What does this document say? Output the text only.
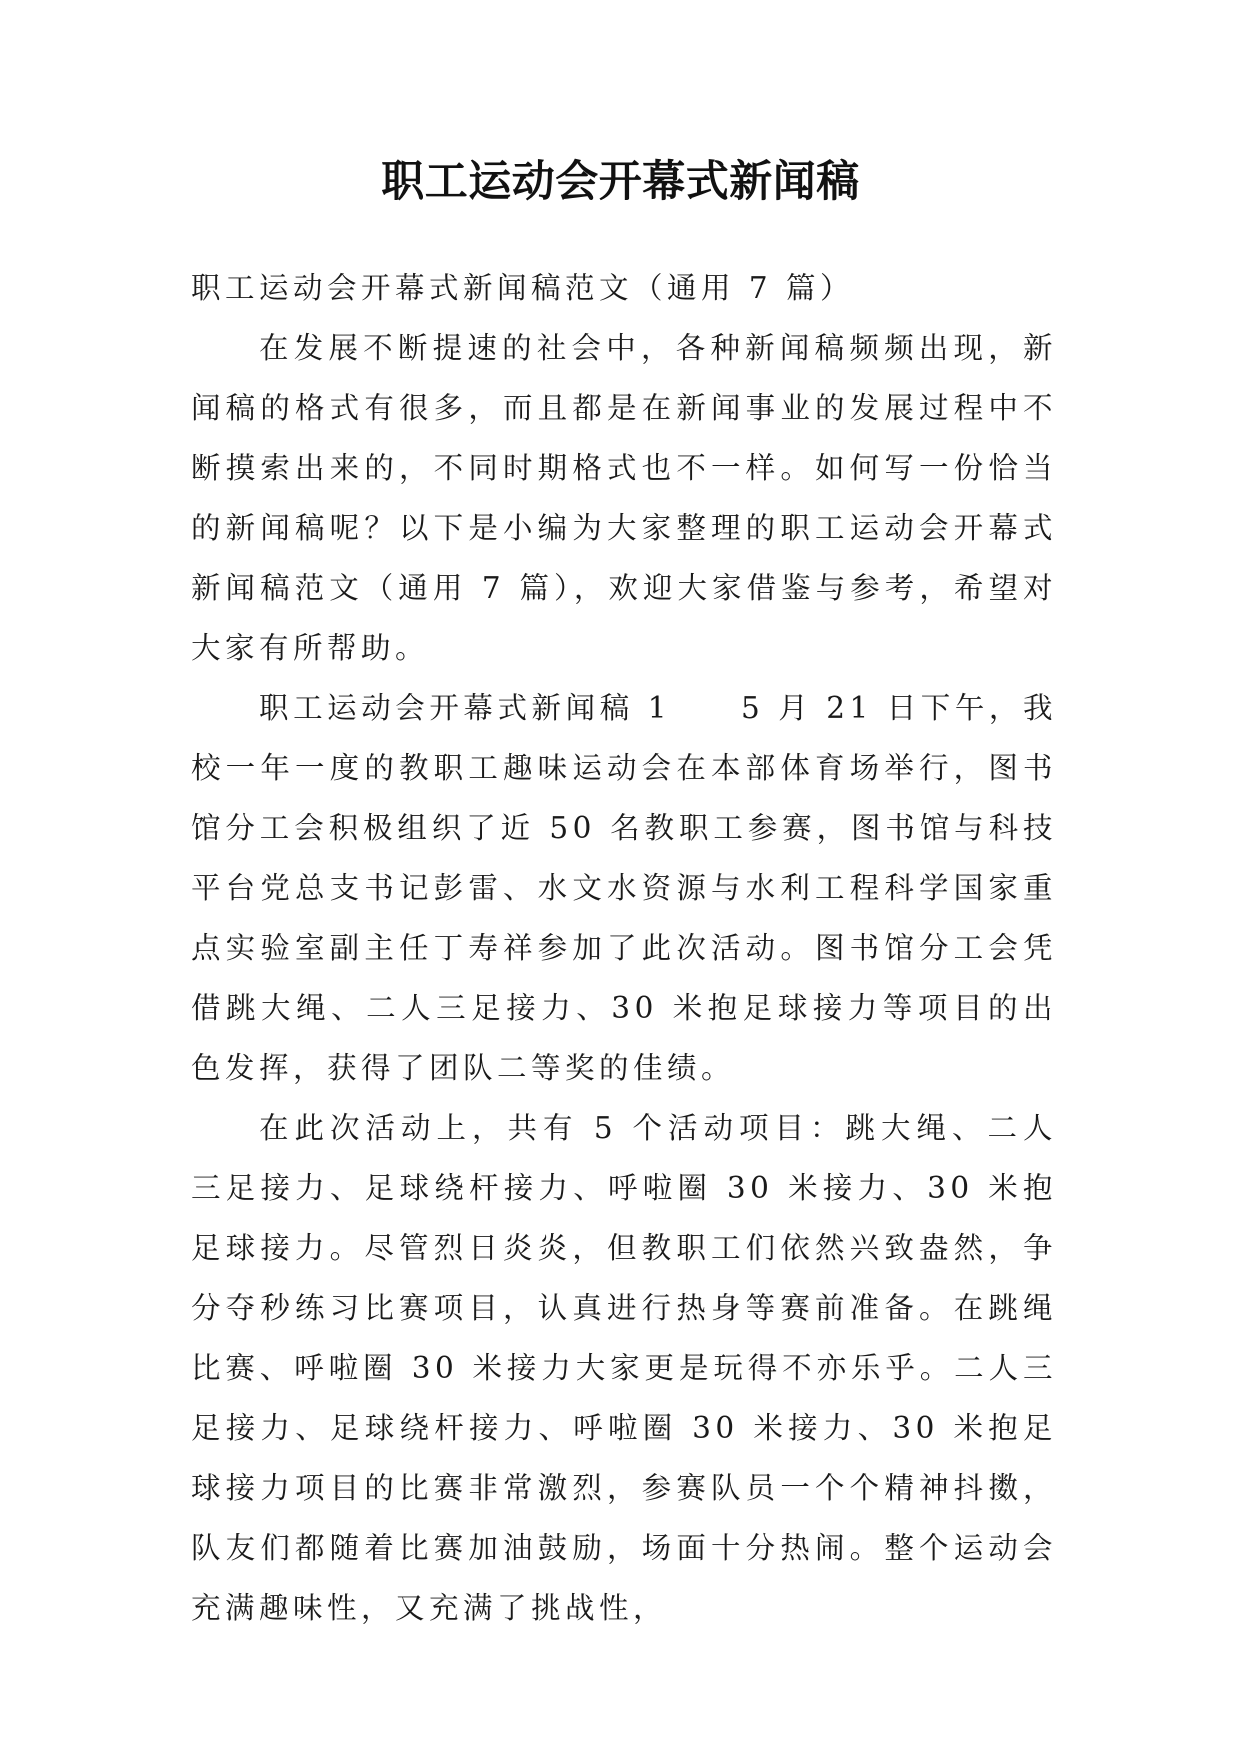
职工运动会开幕式新闻稿

职工运动会开幕式新闻稿范文（通用 7 篇）

在发展不断提速的社会中，各种新闻稿频频出现，新闻稿的格式有很多，而且都是在新闻事业的发展过程中不断摸索出来的，不同时期格式也不一样。如何写一份恰当的新闻稿呢？以下是小编为大家整理的职工运动会开幕式新闻稿范文（通用 7 篇），欢迎大家借鉴与参考，希望对大家有所帮助。

职工运动会开幕式新闻稿 1 5 月 21 日下午，我校一年一度的教职工趣味运动会在本部体育场举行，图书馆分工会积极组织了近 50 名教职工参赛，图书馆与科技平台党总支书记彭雷、水文水资源与水利工程科学国家重点实验室副主任丁寿祥参加了此次活动。图书馆分工会凭借跳大绳、二人三足接力、30 米抱足球接力等项目的出色发挥，获得了团队二等奖的佳绩。

在此次活动上，共有 5 个活动项目：跳大绳、二人三足接力、足球绕杆接力、呼啦圈 30 米接力、30 米抱足球接力。尽管烈日炎炎，但教职工们依然兴致盎然，争分夺秒练习比赛项目，认真进行热身等赛前准备。在跳绳比赛、呼啦圈 30 米接力大家更是玩得不亦乐乎。二人三足接力、足球绕杆接力、呼啦圈 30 米接力、30 米抱足球接力项目的比赛非常激烈，参赛队员一个个精神抖擞，队友们都随着比赛加油鼓励，场面十分热闹。整个运动会充满趣味性，又充满了挑战性，
